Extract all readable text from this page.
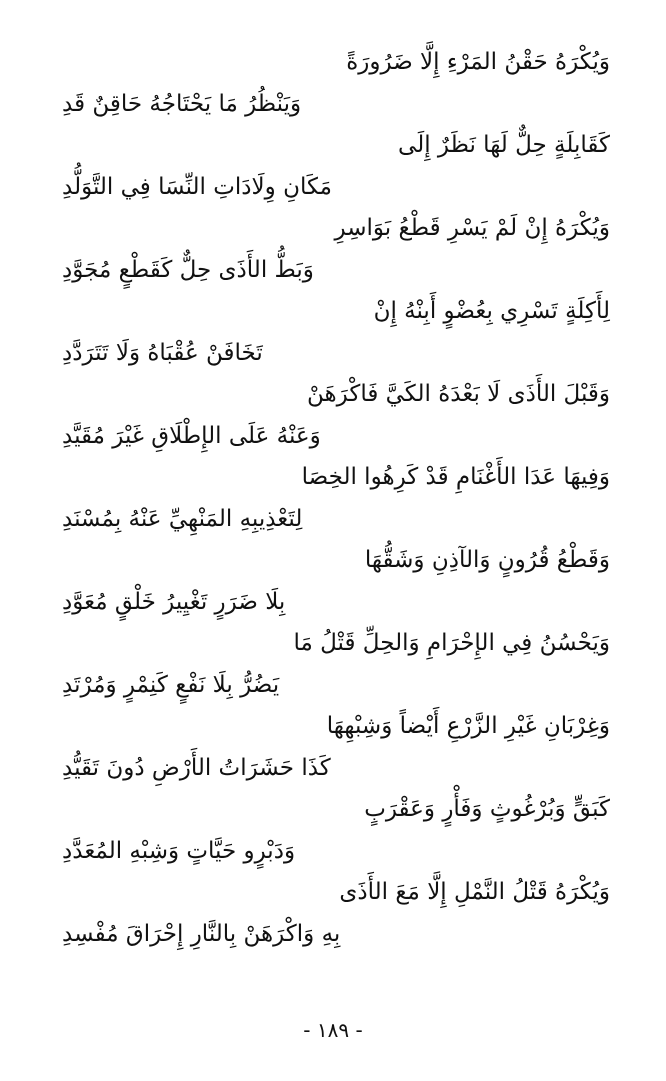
وَيُكْرَهُ حَقْنُ المَرْءِ إِلَّا ضَرُورَةً
وَيَنْظُرُ مَا يَحْتَاجُهُ حَاقِنٌ قَدِ
كَقَابِلَةٍ حِلٌّ لَهَا نَظَرٌ إِلَى
مَكَانِ وِلَادَاتِ النِّسَا فِي التَّوَلُّدِ
وَيُكْرَهُ إِنْ لَمْ يَسْرِ قَطْعُ بَوَاسِرِ
وَبَطُّ الأَذَى حِلٌّ كَقَطْعٍ مُجَوَّدِ
لِأَكِلَةٍ تَسْرِي بِعُضْوٍ أَبِنْهُ إِنْ
تَخَافَنْ عُقْبَاهُ وَلَا تَتَرَدَّدِ
وَقَبْلَ الأَذَى لَا بَعْدَهُ الكَيَّ فَاكْرَهَنْ
وَعَنْهُ عَلَى الإِطْلَاقِ غَيْرَ مُقَيَّدِ
وَفِيهَا عَدَا الأَغْنَامِ قَدْ كَرِهُوا الخِصَا
لِتَعْذِيبِهِ المَنْهِيِّ عَنْهُ بِمُسْنَدِ
وَقَطْعُ قُرُونٍ وَالآذِنِ وَشَقُّهَا
بِلَا ضَرَرٍ تَغْيِيرُ خَلْقٍ مُعَوَّدِ
وَيَحْسُنُ فِي الإِحْرَامِ وَالحِلِّ قَتْلُ مَا
يَضُرُّ بِلَا نَفْعٍ كَنِمْرٍ وَمُرْتَدِ
وَغِرْبَانِ غَيْرِ الزَّرْعِ أَيْضاً وَشِبْهِهَا
كَذَا حَشَرَاتُ الأَرْضِ دُونَ تَقَيُّدِ
كَبَقٍّ وَبُرْغُوثٍ وَفَأْرٍ وَعَقْرَبٍ
وَدَبْرٍو حَيَّاتٍ وَشِبْهِ المُعَدَّدِ
وَيُكْرَهُ قَتْلُ النَّمْلِ إِلَّا مَعَ الأَذَى
بِهِ وَاكْرَهَنْ بِالنَّارِ إِحْرَاقَ مُفْسِدِ
- ١٨٩ -
